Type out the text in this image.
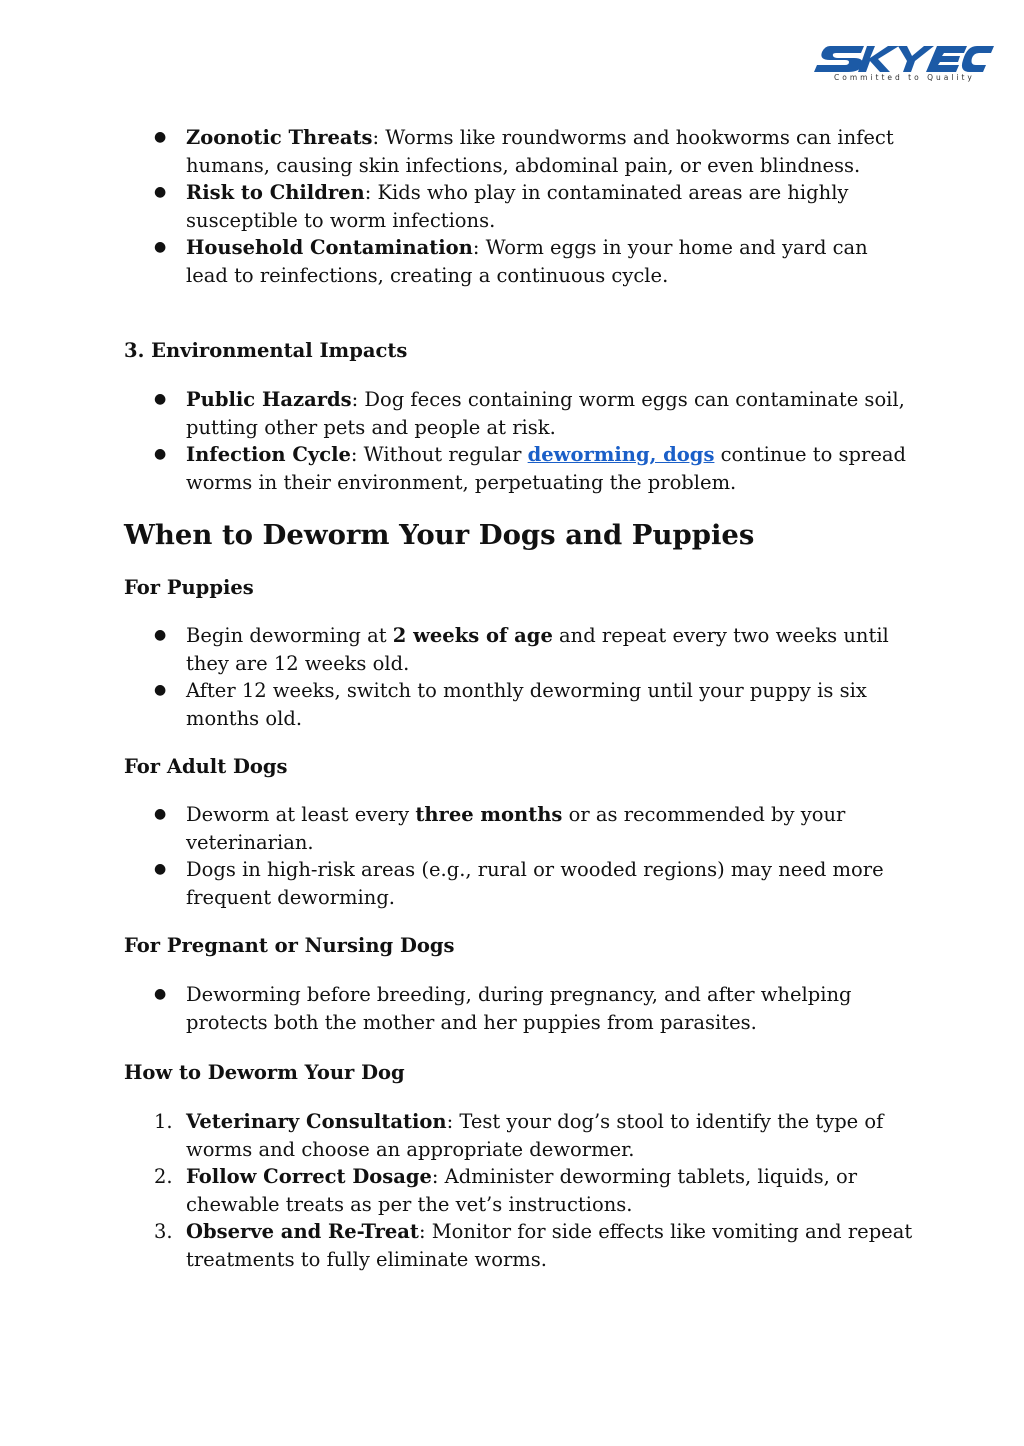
Committed to Quality
● Zoonotic Threats: Worms like roundworms and hookworms can infect humans, causing skin infections, abdominal pain, or even blindness.
● Risk to Children: Kids who play in contaminated areas are highly susceptible to worm infections.
● Household Contamination: Worm eggs in your home and yard can lead to reinfections, creating a continuous cycle.
3. Environmental Impacts
● Public Hazards: Dog feces containing worm eggs can contaminate soil, putting other pets and people at risk.
● Infection Cycle: Without regular deworming, dogs continue to spread worms in their environment, perpetuating the problem.
When to Deworm Your Dogs and Puppies
For Puppies
● Begin deworming at 2 weeks of age and repeat every two weeks until they are 12 weeks old.
● After 12 weeks, switch to monthly deworming until your puppy is six months old.
For Adult Dogs
● Deworm at least every three months or as recommended by your veterinarian.
● Dogs in high-risk areas (e.g., rural or wooded regions) may need more frequent deworming.
For Pregnant or Nursing Dogs
● Deworming before breeding, during pregnancy, and after whelping protects both the mother and her puppies from parasites.
How to Deworm Your Dog
1. Veterinary Consultation: Test your dog’s stool to identify the type of worms and choose an appropriate dewormer.
2. Follow Correct Dosage: Administer deworming tablets, liquids, or chewable treats as per the vet’s instructions.
3. Observe and Re-Treat: Monitor for side effects like vomiting and repeat treatments to fully eliminate worms.
